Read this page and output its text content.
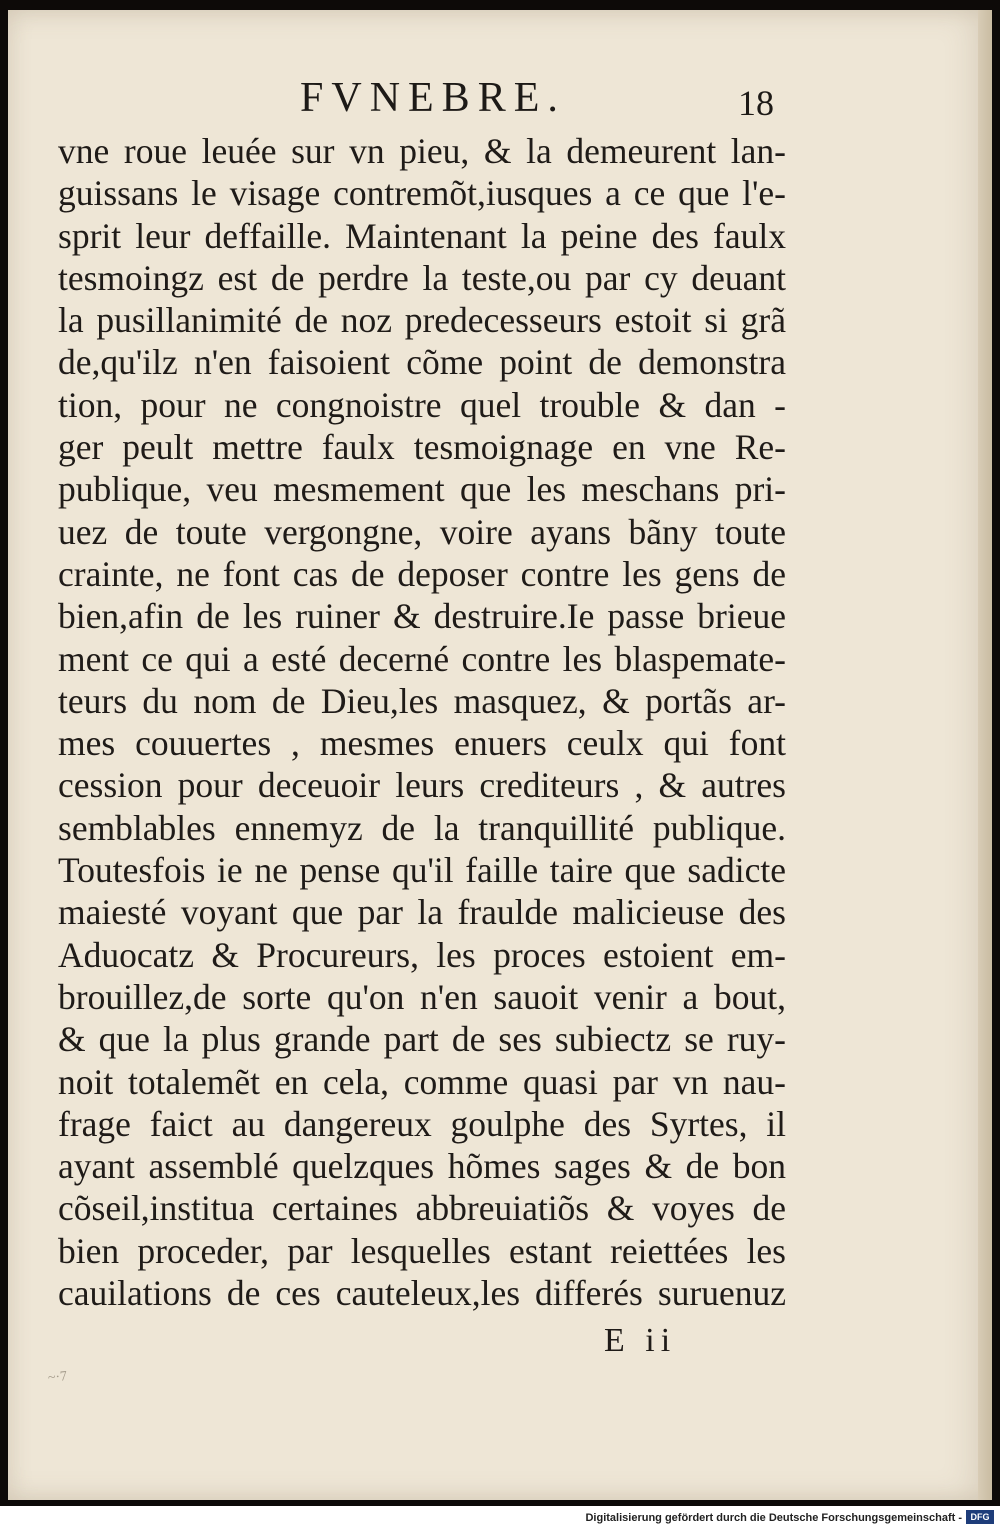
FVNEBRE.	18
vne roue leuée sur vn pieu, & la demeurent lan-
guissans le visage contremõt,iusques a ce que l'e-
sprit leur deffaille. Maintenant la peine des faulx
tesmoingz est de perdre la teste,ou par cy deuant
la pusillanimité de noz predecesseurs estoit si grã
de,qu'ilz n'en faisoient cõme point de demonstra
tion, pour ne congnoistre quel trouble & dan -
ger peult mettre faulx tesmoignage en vne Re-
publique, veu mesmement que les meschans pri-
uez de toute vergongne, voire ayans bãny toute
crainte, ne font cas de deposer contre les gens de
bien,afin de les ruiner & destruire.Ie passe brieue
ment ce qui a esté decerné contre les blaspemate-
teurs du nom de Dieu,les masquez, & portãs ar-
mes couuertes , mesmes enuers ceulx qui font
cession pour deceuoir leurs crediteurs , & autres
semblables ennemyz de la tranquillité publique.
Toutesfois ie ne pense qu'il faille taire que sadicte
maiesté voyant que par la fraulde malicieuse des
Aduocatz & Procureurs, les proces estoient em-
brouillez,de sorte qu'on n'en sauoit venir a bout,
& que la plus grande part de ses subiectz se ruy-
noit totalemẽt en cela, comme quasi par vn nau-
frage faict au dangereux goulphe des Syrtes, il
ayant assemblé quelzques hõmes sages & de bon
cõseil,institua certaines abbreuiatiõs & voyes de
bien proceder, par lesquelles estant reiettées les
cauilations de ces cauteleux,les differés suruenuz
E ii
~·7
Digitalisierung gefördert durch die Deutsche Forschungsgemeinschaft - DFG
